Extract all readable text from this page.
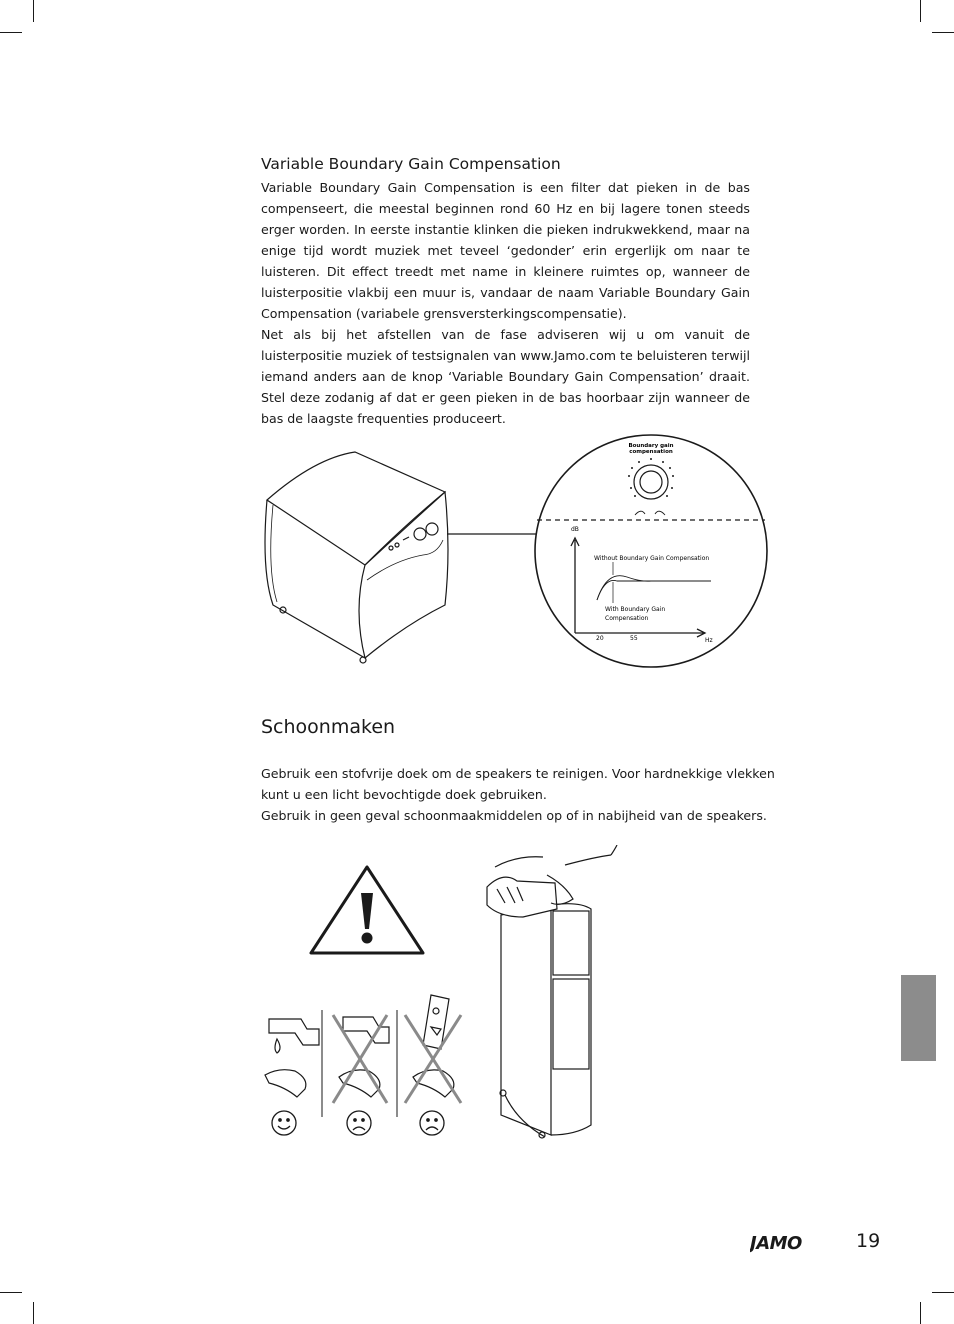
Variable Boundary Gain Compensation

Variable Boundary Gain Compensation is een filter dat pieken in de bas compenseert, die meestal beginnen rond 60 Hz en bij lagere tonen steeds erger worden. In eerste instantie klinken die pieken indrukwekkend, maar na enige tijd wordt muziek met teveel ‘gedonder’ erin ergerlijk om naar te luisteren. Dit effect treedt met name in kleinere ruimtes op, wanneer de luisterpositie vlakbij een muur is, vandaar de naam Variable Boundary Gain Compensation (variabele grensversterkingscompensatie).

Net als bij het afstellen van de fase adviseren wij u om vanuit de luisterpositie muziek of testsignalen van www.Jamo.com te beluisteren terwijl iemand anders aan de knop ‘Variable Boundary Gain Compensation’ draait. Stel deze zodanig af dat er geen pieken in de bas hoorbaar zijn wanneer de bas de laagste frequenties produceert.

Boundary gain
compensation
dB
Hz
20	55
Without Boundary Gain Compensation
With Boundary Gain
Compensation
Schoonmaken

Gebruik een stofvrije doek om de speakers te reinigen. Voor hardnekkige vlekken kunt u een licht bevochtigde doek gebruiken.

Gebruik in geen geval schoonmaakmiddelen op of in nabijheid van de speakers.

JAMO	19
